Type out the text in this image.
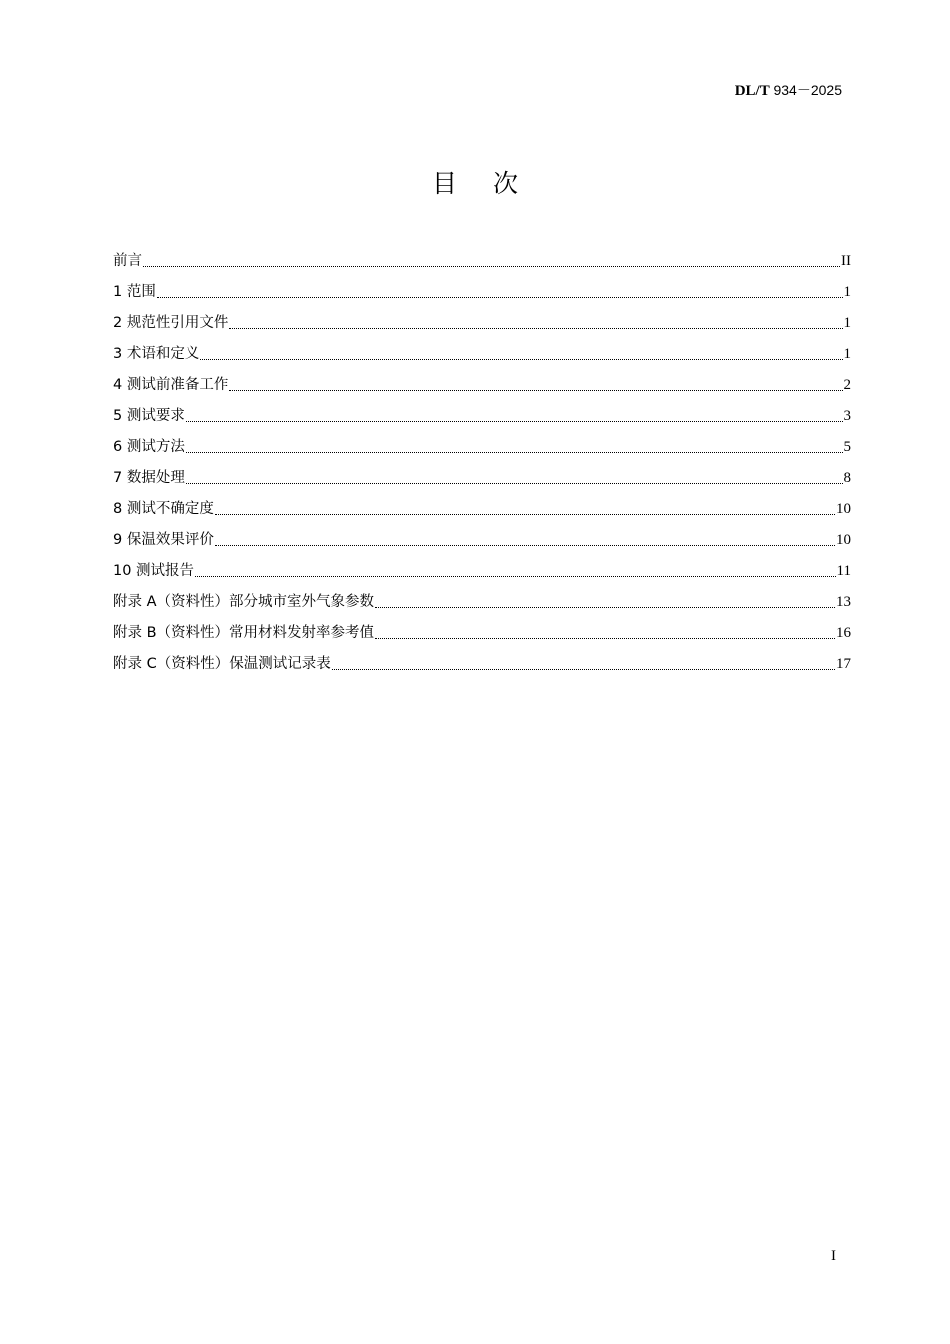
DL/T 934－2025
目次
前言	II
1 范围	1
2 规范性引用文件	1
3 术语和定义	1
4 测试前准备工作	2
5 测试要求	3
6 测试方法	5
7 数据处理	8
8 测试不确定度	10
9 保温效果评价	10
10 测试报告	11
附录 A（资料性）部分城市室外气象参数	13
附录 B（资料性）常用材料发射率参考值	16
附录 C（资料性）保温测试记录表	17
I
